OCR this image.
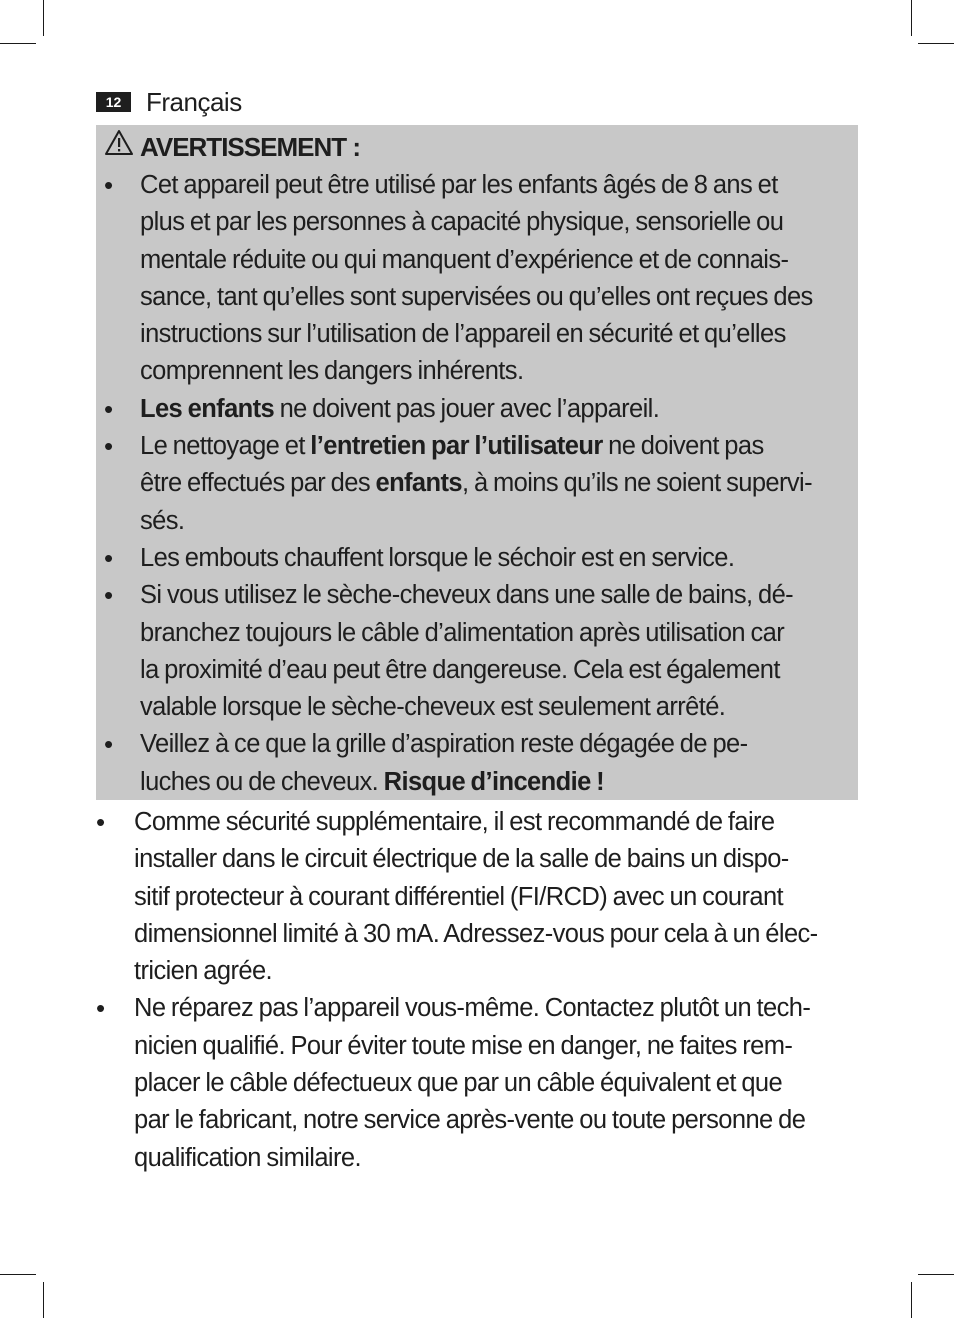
12 Français
AVERTISSEMENT :
• Cet appareil peut être utilisé par les enfants âgés de 8 ans et
plus et par les personnes à capacité physique, sensorielle ou
mentale réduite ou qui manquent d’expérience et de connais-
sance, tant qu’elles sont supervisées ou qu’elles ont reçues des
instructions sur l’utilisation de l’appareil en sécurité et qu’elles
comprennent les dangers inhérents.
• Les enfants ne doivent pas jouer avec l’appareil.
• Le nettoyage et l’entretien par l’utilisateur ne doivent pas
être effectués par des enfants, à moins qu’ils ne soient supervi-
sés.
• Les embouts chauffent lorsque le séchoir est en service.
• Si vous utilisez le sèche-cheveux dans une salle de bains, dé-
branchez toujours le câble d’alimentation après utilisation car
la proximité d’eau peut être dangereuse. Cela est également
valable lorsque le sèche-cheveux est seulement arrêté.
• Veillez à ce que la grille d’aspiration reste dégagée de pe-
luches ou de cheveux. Risque d’incendie !
• Comme sécurité supplémentaire, il est recommandé de faire
installer dans le circuit électrique de la salle de bains un dispo-
sitif protecteur à courant différentiel (FI/RCD) avec un courant
dimensionnel limité à 30 mA. Adressez-vous pour cela à un élec-
tricien agrée.
• Ne réparez pas l’appareil vous-même. Contactez plutôt un tech-
nicien qualifié. Pour éviter toute mise en danger, ne faites rem-
placer le câble défectueux que par un câble équivalent et que
par le fabricant, notre service après-vente ou toute personne de
qualification similaire.
